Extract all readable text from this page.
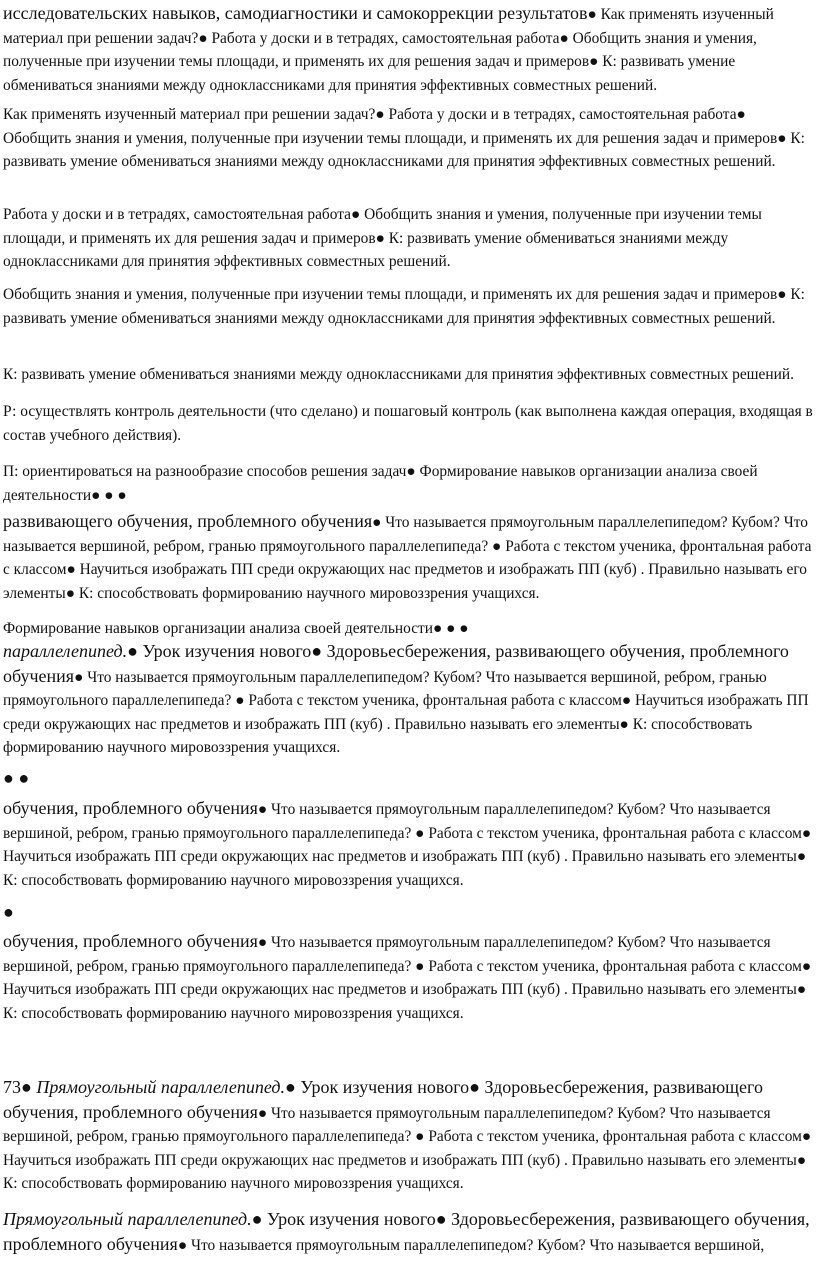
исследовательских навыков, самодиагностики и самокоррекции результатов● Как применять изученный материал при решении задач?● Работа у доски и в тетрадях, самостоятельная работа● Обобщить знания и умения, полученные при изучении темы площади, и применять их для решения задач и примеров● К: развивать умение обмениваться знаниями между одноклассниками для принятия эффективных совместных решений.

Как применять изученный материал при решении задач?● Работа у доски и в тетрадях, самостоятельная работа● Обобщить знания и умения, полученные при изучении темы площади, и применять их для решения задач и примеров● К: развивать умение обмениваться знаниями между одноклассниками для принятия эффективных совместных решений.

Работа у доски и в тетрадях, самостоятельная работа● Обобщить знания и умения, полученные при изучении темы площади, и применять их для решения задач и примеров● К: развивать умение обмениваться знаниями между одноклассниками для принятия эффективных совместных решений.

Обобщить знания и умения, полученные при изучении темы площади, и применять их для решения задач и примеров● К: развивать умение обмениваться знаниями между одноклассниками для принятия эффективных совместных решений.

К: развивать умение обмениваться знаниями между одноклассниками для принятия эффективных совместных решений.

Р: осуществлять контроль деятельности (что сделано) и пошаговый контроль (как выполнена каждая операция, входящая в состав учебного действия).

П: ориентироваться на разнообразие способов решения задач● Формирование навыков организации анализа своей деятельности● ● ●

развивающего обучения, проблемного обучения● Что называется прямоугольным параллелепипедом? Кубом? Что называется вершиной, ребром, гранью прямоугольного параллелепипеда? ● Работа с текстом ученика, фронтальная работа с классом● Научиться изображать ПП среди окружающих нас предметов и изображать ПП (куб) . Правильно называть его элементы● К: способствовать формированию научного мировоззрения учащихся.

Формирование навыков организации анализа своей деятельности● ● ●

параллелепипед.● Урок изучения нового● Здоровьесбережения, развивающего обучения, проблемного обучения● Что называется прямоугольным параллелепипедом? Кубом? Что называется вершиной, ребром, гранью прямоугольного параллелепипеда? ● Работа с текстом ученика, фронтальная работа с классом● Научиться изображать ПП среди окружающих нас предметов и изображать ПП (куб) . Правильно называть его элементы● К: способствовать формированию научного мировоззрения учащихся.

● ●

обучения, проблемного обучения● Что называется прямоугольным параллелепипедом? Кубом? Что называется вершиной, ребром, гранью прямоугольного параллелепипеда? ● Работа с текстом ученика, фронтальная работа с классом● Научиться изображать ПП среди окружающих нас предметов и изображать ПП (куб) . Правильно называть его элементы● К: способствовать формированию научного мировоззрения учащихся.

●

обучения, проблемного обучения● Что называется прямоугольным параллелепипедом? Кубом? Что называется вершиной, ребром, гранью прямоугольного параллелепипеда? ● Работа с текстом ученика, фронтальная работа с классом● Научиться изображать ПП среди окружающих нас предметов и изображать ПП (куб) . Правильно называть его элементы● К: способствовать формированию научного мировоззрения учащихся.

73● Прямоугольный параллелепипед.● Урок изучения нового● Здоровьесбережения, развивающего обучения, проблемного обучения● Что называется прямоугольным параллелепипедом? Кубом? Что называется вершиной, ребром, гранью прямоугольного параллелепипеда? ● Работа с текстом ученика, фронтальная работа с классом● Научиться изображать ПП среди окружающих нас предметов и изображать ПП (куб) . Правильно называть его элементы● К: способствовать формированию научного мировоззрения учащихся.

Прямоугольный параллелепипед.● Урок изучения нового● Здоровьесбережения, развивающего обучения, проблемного обучения● Что называется прямоугольным параллелепипедом? Кубом? Что называется вершиной,
